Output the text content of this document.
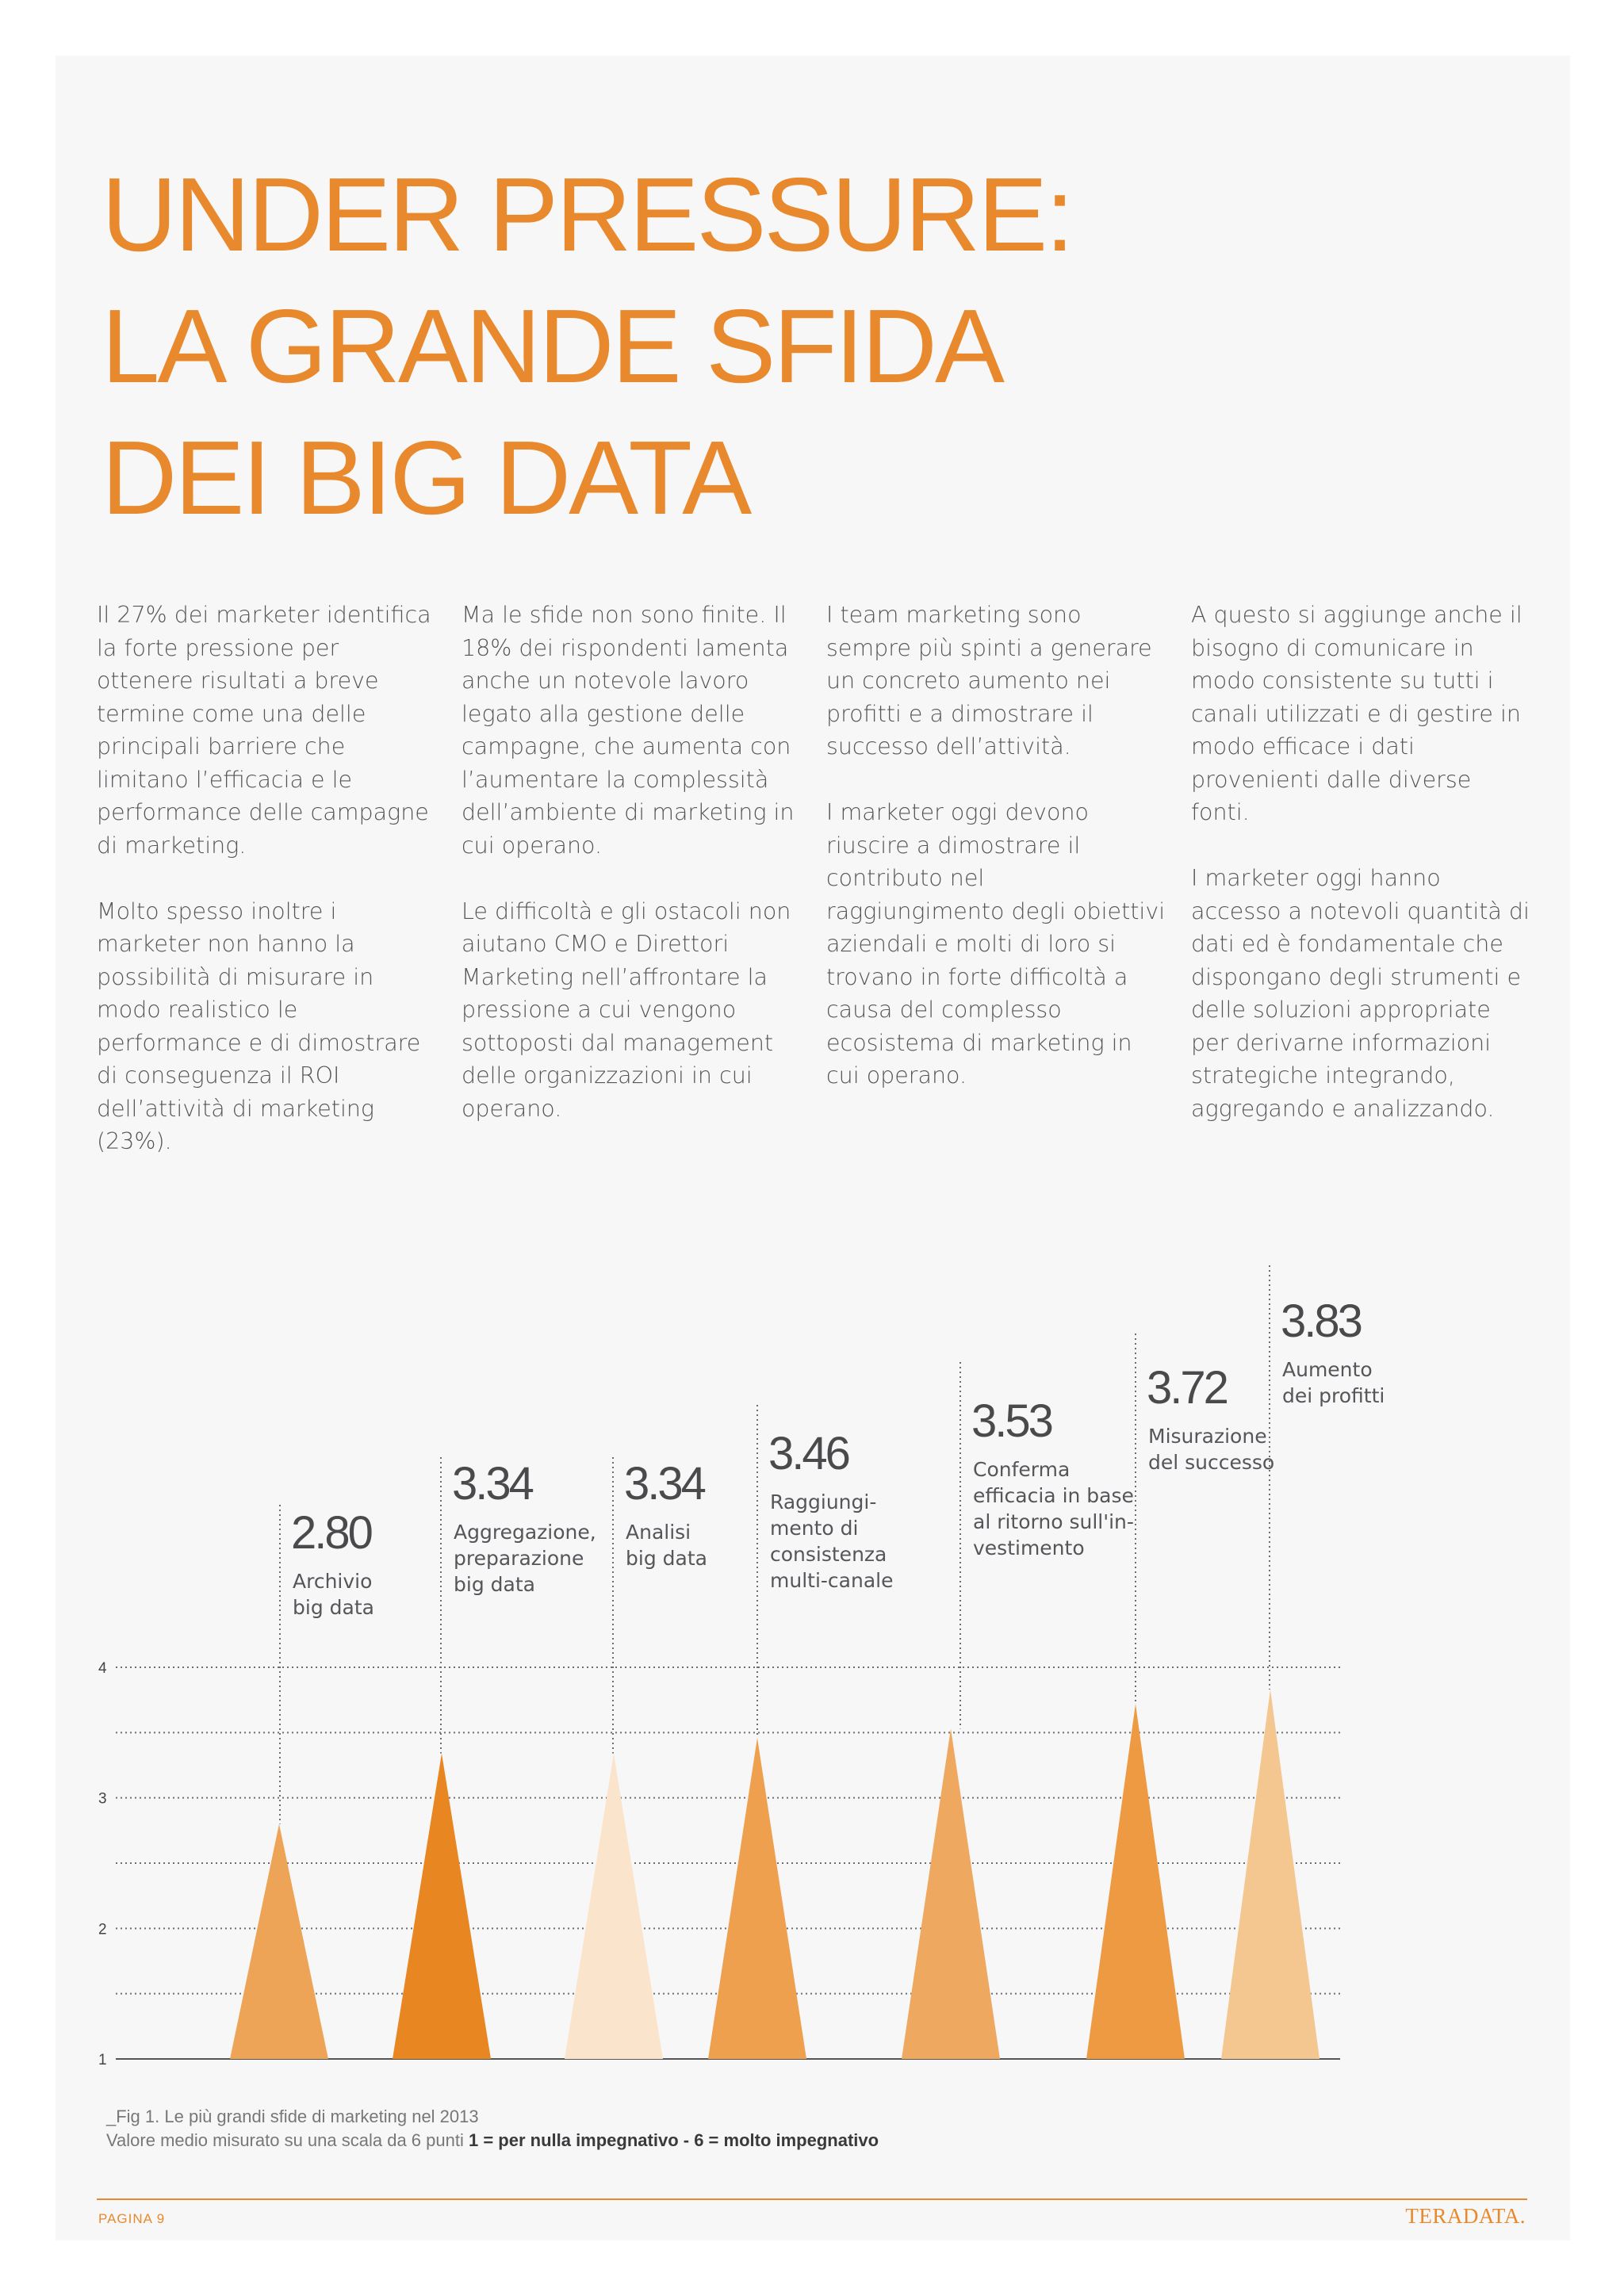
UNDER PRESSURE:
LA GRANDE SFIDA
DEI BIG DATA

Il 27% dei marketer identifica la forte pressione per ottenere risultati a breve termine come una delle principali barriere che limitano l’efficacia e le performance delle campagne di marketing.

Molto spesso inoltre i marketer non hanno la possibilità di misurare in modo realistico le performance e di dimostrare di conseguenza il ROI dell’attività di marketing (23%).

Ma le sfide non sono finite. Il 18% dei rispondenti lamenta anche un notevole lavoro legato alla gestione delle campagne, che aumenta con l’aumentare la complessità dell’ambiente di marketing in cui operano.

Le difficoltà e gli ostacoli non aiutano CMO e Direttori Marketing nell’affrontare la pressione a cui vengono sottoposti dal management delle organizzazioni in cui operano.

I team marketing sono sempre più spinti a generare un concreto aumento nei profitti e a dimostrare il successo dell’attività.

I marketer oggi devono riuscire a dimostrare il contributo nel raggiungimento degli obiettivi aziendali e molti di loro si trovano in forte difficoltà a causa del complesso ecosistema di marketing in cui operano.

A questo si aggiunge anche il bisogno di comunicare in modo consistente su tutti i canali utilizzati e di gestire in modo efficace i dati provenienti dalle diverse fonti.

I marketer oggi hanno accesso a notevoli quantità di dati ed è fondamentale che dispongano degli strumenti e delle soluzioni appropriate per derivarne informazioni strategiche integrando, aggregando e analizzando.

1
2
3
4
2.80
Archivio
big data
3.34
Aggregazione,
preparazione
big data
3.34
Analisi
big data
3.46
Raggiungi-
mento di
consistenza
multi-canale
3.53
Conferma
efficacia in base
al ritorno sull'in-
vestimento
3.72
Misurazione
del successo
3.83
Aumento
dei profitti
_Fig 1. Le più grandi sfide di marketing nel 2013
Valore medio misurato su una scala da 6 punti 1 = per nulla impegnativo - 6 = molto impegnativo
PAGINA 9	TERADATA.
